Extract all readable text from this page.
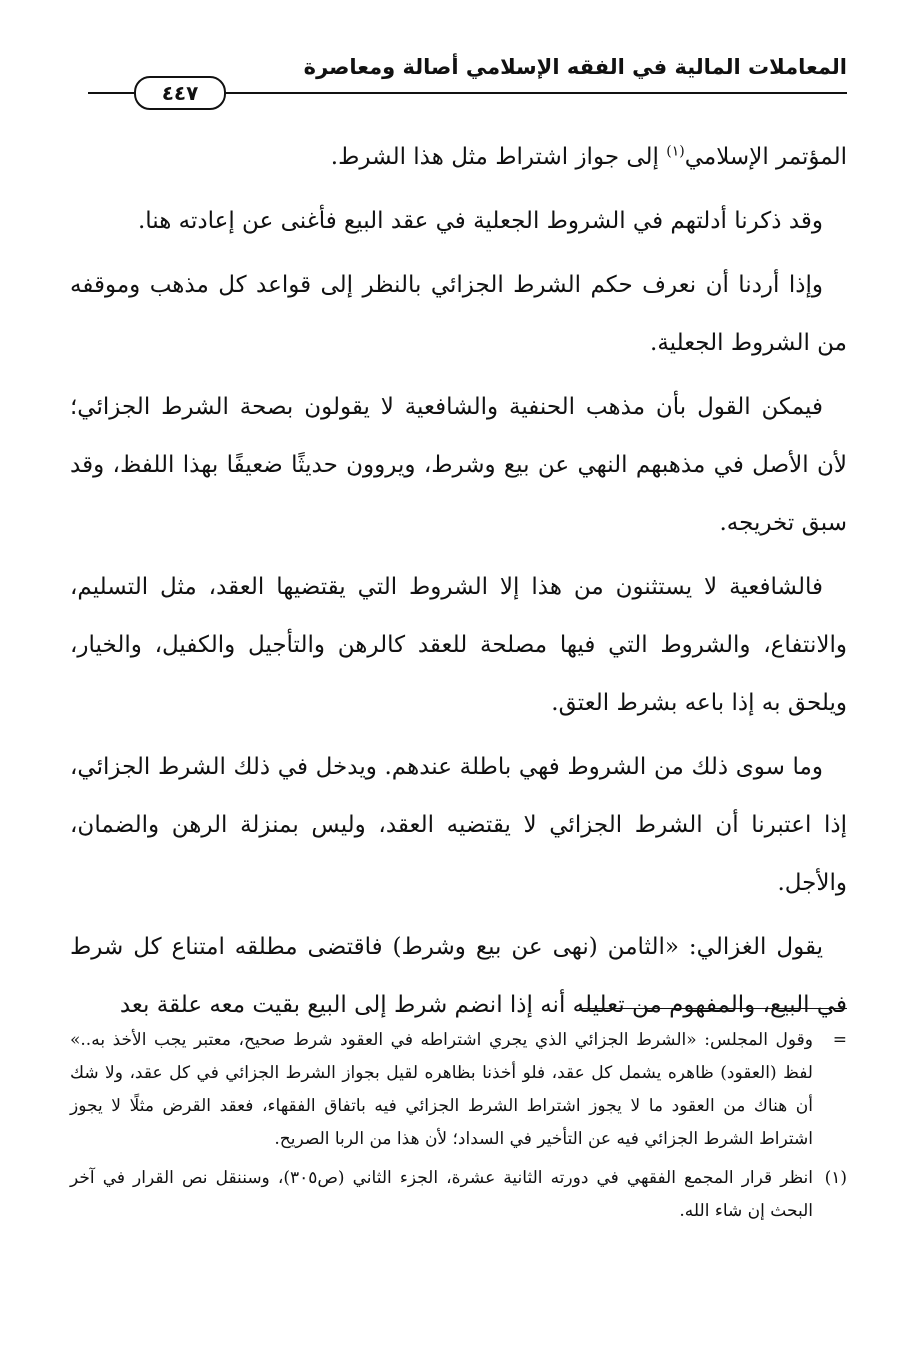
المعاملات المالية في الفقه الإسلامي أصالة ومعاصرة
٤٤٧

المؤتمر الإسلامي$^{(١)}$ إلى جواز اشتراط مثل هذا الشرط.

وقد ذكرنا أدلتهم في الشروط الجعلية في عقد البيع فأغنى عن إعادته هنا.

وإذا أردنا أن نعرف حكم الشرط الجزائي بالنظر إلى قواعد كل مذهب وموقفه من الشروط الجعلية.

فيمكن القول بأن مذهب الحنفية والشافعية لا يقولون بصحة الشرط الجزائي؛ لأن الأصل في مذهبهم النهي عن بيع وشرط، ويروون حديثًا ضعيفًا بهذا اللفظ، وقد سبق تخريجه.

فالشافعية لا يستثنون من هذا إلا الشروط التي يقتضيها العقد، مثل التسليم، والانتفاع، والشروط التي فيها مصلحة للعقد كالرهن والتأجيل والكفيل، والخيار، ويلحق به إذا باعه بشرط العتق.

وما سوى ذلك من الشروط فهي باطلة عندهم. ويدخل في ذلك الشرط الجزائي، إذا اعتبرنا أن الشرط الجزائي لا يقتضيه العقد، وليس بمنزلة الرهن والضمان، والأجل.

يقول الغزالي: «الثامن (نهى عن بيع وشرط) فاقتضى مطلقه امتناع كل شرط في البيع، والمفهوم من تعليله أنه إذا انضم شرط إلى البيع بقيت معه علقة بعد

=
وقول المجلس: «الشرط الجزائي الذي يجري اشتراطه في العقود شرط صحيح، معتبر يجب الأخذ به..» لفظ (العقود) ظاهره يشمل كل عقد، فلو أخذنا بظاهره لقيل بجواز الشرط الجزائي في كل عقد، ولا شك أن هناك من العقود ما لا يجوز اشتراط الشرط الجزائي فيه باتفاق الفقهاء، فعقد القرض مثلًا لا يجوز اشتراط الشرط الجزائي فيه عن التأخير في السداد؛ لأن هذا من الربا الصريح.
(١)
انظر قرار المجمع الفقهي في دورته الثانية عشرة، الجزء الثاني (ص٣٠٥)، وسننقل نص القرار في آخر البحث إن شاء الله.
